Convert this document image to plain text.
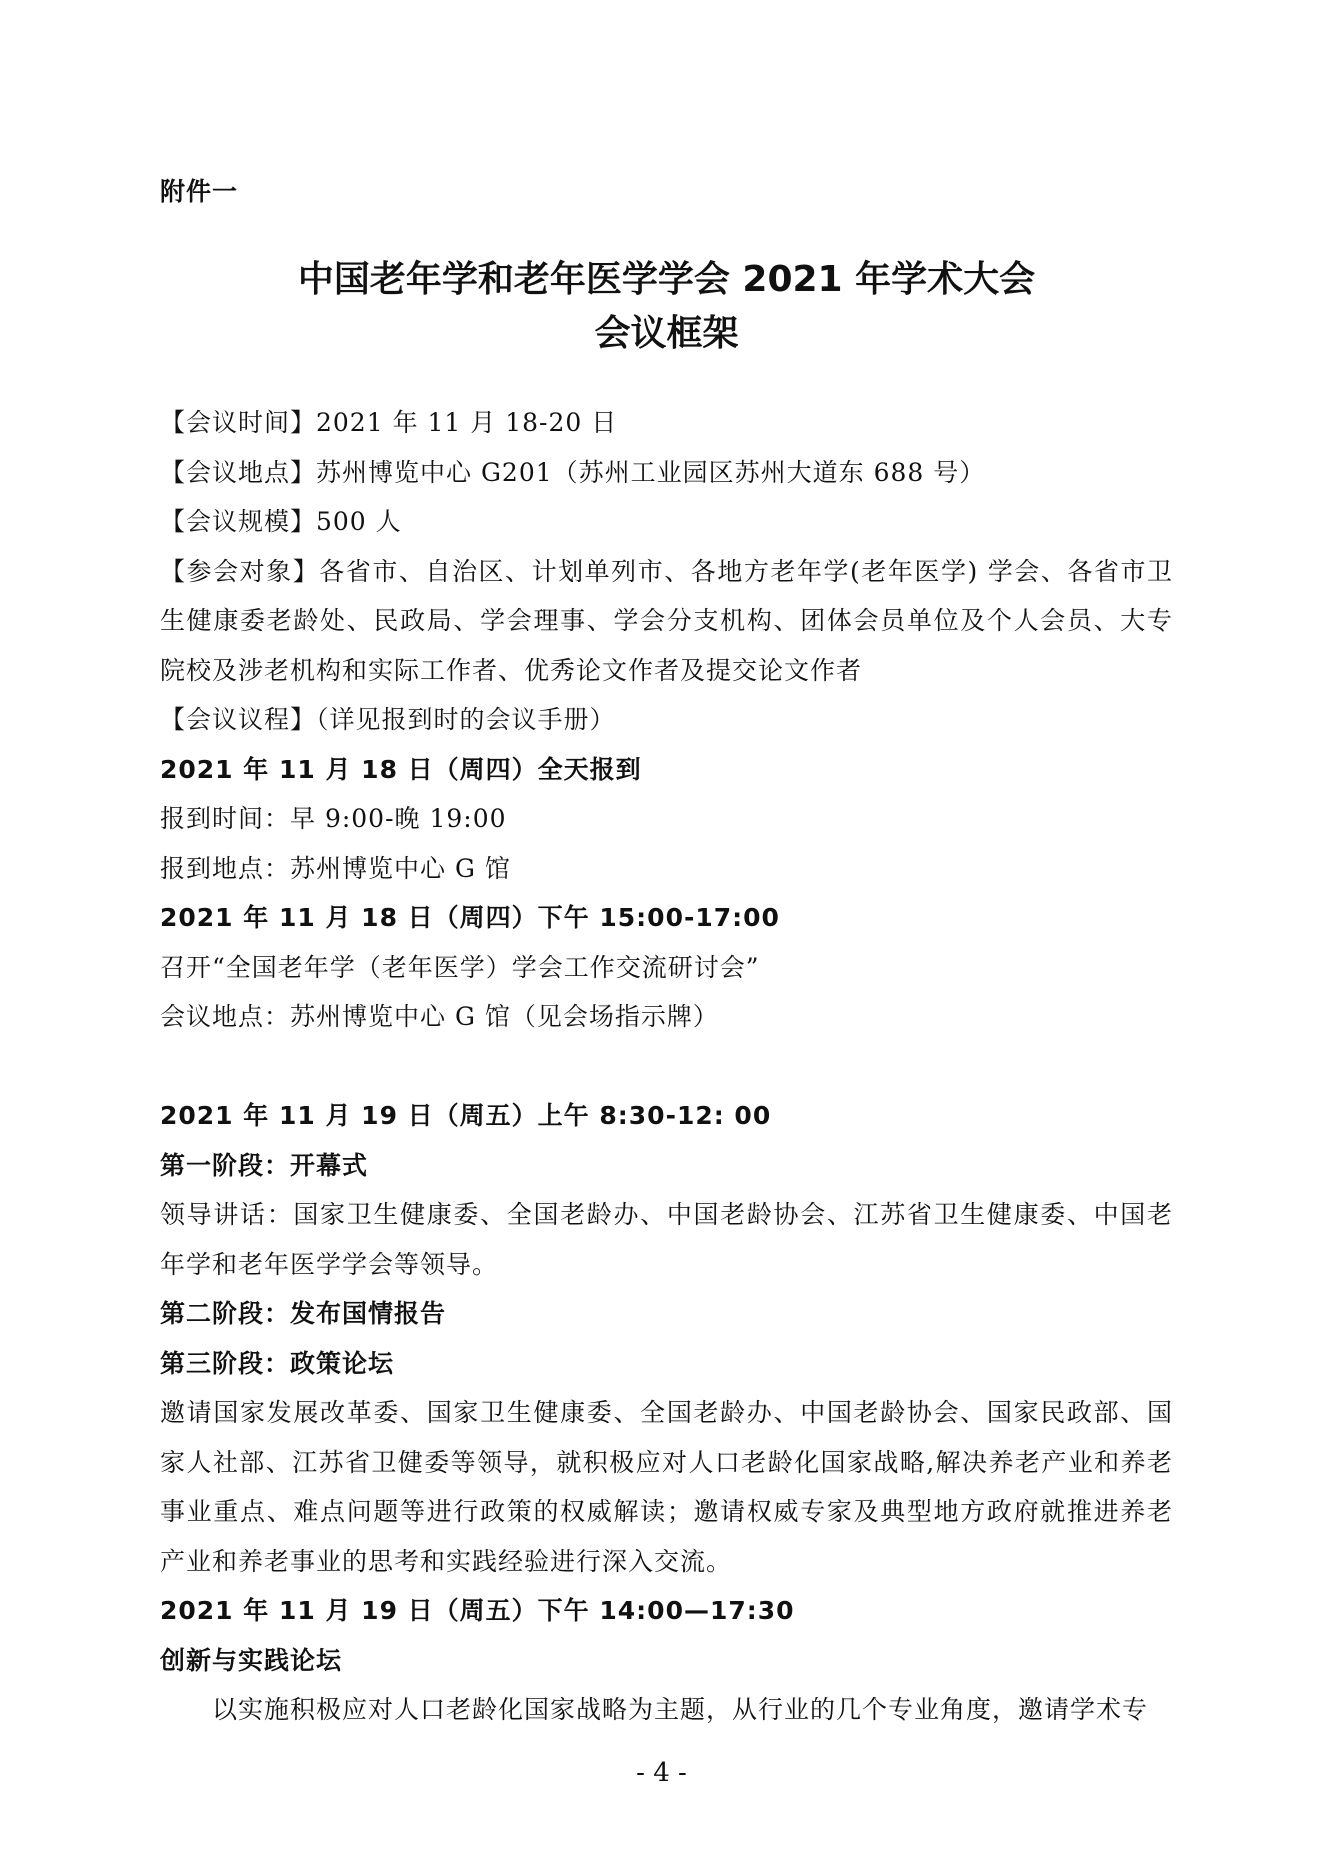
附件一
中国老年学和老年医学学会 2021 年学术大会
会议框架
【会议时间】2021 年 11 月 18-20 日
【会议地点】苏州博览中心 G201（苏州工业园区苏州大道东 688 号）
【会议规模】500 人
【参会对象】各省市、自治区、计划单列市、各地方老年学(老年医学) 学会、各省市卫生健康委老龄处、民政局、学会理事、学会分支机构、团体会员单位及个人会员、大专院校及涉老机构和实际工作者、优秀论文作者及提交论文作者
【会议议程】（详见报到时的会议手册）
2021 年 11 月 18 日（周四）全天报到
报到时间：早 9:00-晚 19:00
报到地点：苏州博览中心 G 馆
2021 年 11 月 18 日（周四）下午 15:00-17:00
召开“全国老年学（老年医学）学会工作交流研讨会”
会议地点：苏州博览中心 G 馆（见会场指示牌）
2021 年 11 月 19 日（周五）上午 8:30-12: 00
第一阶段：开幕式
领导讲话：国家卫生健康委、全国老龄办、中国老龄协会、江苏省卫生健康委、中国老年学和老年医学学会等领导。
第二阶段：发布国情报告
第三阶段：政策论坛
邀请国家发展改革委、国家卫生健康委、全国老龄办、中国老龄协会、国家民政部、国家人社部、江苏省卫健委等领导，就积极应对人口老龄化国家战略,解决养老产业和养老事业重点、难点问题等进行政策的权威解读；邀请权威专家及典型地方政府就推进养老产业和养老事业的思考和实践经验进行深入交流。
2021 年 11 月 19 日（周五）下午 14:00—17:30
创新与实践论坛
以实施积极应对人口老龄化国家战略为主题，从行业的几个专业角度，邀请学术专
- 4 -
